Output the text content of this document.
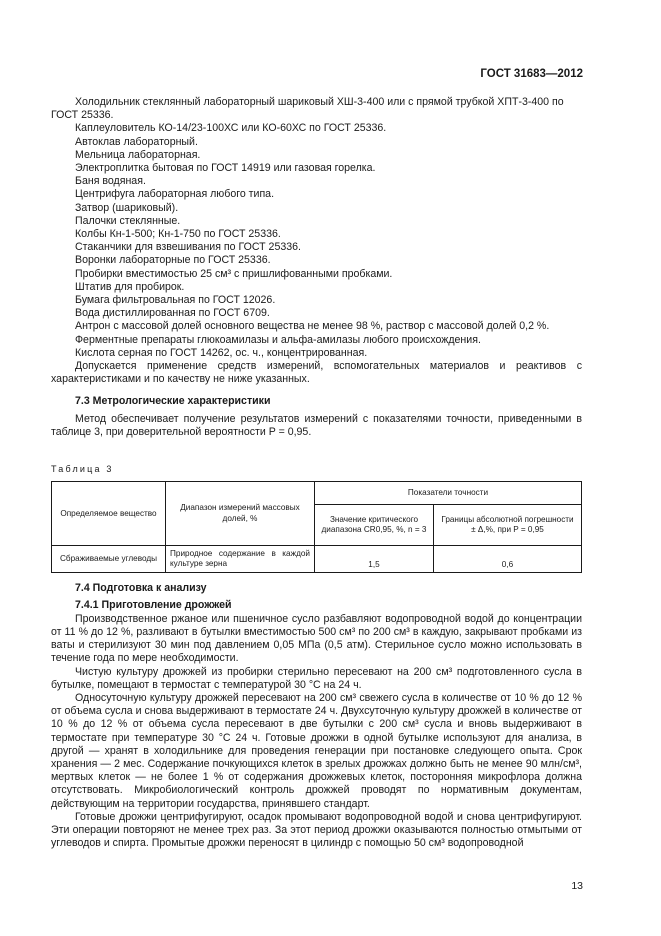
ГОСТ 31683—2012

Холодильник стеклянный лабораторный шариковый ХШ-3-400 или с прямой трубкой ХПТ-3-400 по ГОСТ 25336.

Каплеуловитель КО-14/23-100ХС или КО-60ХС по ГОСТ 25336.

Автоклав лабораторный.

Мельница лабораторная.

Электроплитка бытовая по ГОСТ 14919 или газовая горелка.

Баня водяная.

Центрифуга лабораторная любого типа.

Затвор (шариковый).

Палочки стеклянные.

Колбы Кн-1-500; Кн-1-750 по ГОСТ 25336.

Стаканчики для взвешивания по ГОСТ 25336.

Воронки лабораторные по ГОСТ 25336.

Пробирки вместимостью 25 см³ с пришлифованными пробками.

Штатив для пробирок.

Бумага фильтровальная по ГОСТ 12026.

Вода дистиллированная по ГОСТ 6709.

Антрон с массовой долей основного вещества не менее 98 %, раствор с массовой долей 0,2 %.

Ферментные препараты глюкоамилазы и альфа-амилазы любого происхождения.

Кислота серная по ГОСТ 14262, ос. ч., концентрированная.

Допускается применение средств измерений, вспомогательных материалов и реактивов с характеристиками и по качеству не ниже указанных.

7.3 Метрологические характеристики

Метод обеспечивает получение результатов измерений с показателями точности, приведенными в таблице 3, при доверительной вероятности P = 0,95.

Таблица 3

Определяемое вещество	Диапазон измерений массовых долей, %	Показатели точности	
		Значение критического диапазона CR0,95, %, n = 3	Границы абсолютной погрешности ± Δ,%, при P = 0,95
Сбраживаемые углеводы	Природное содержание в каждой культуре зерна	1,5	0,6

7.4 Подготовка к анализу

7.4.1 Приготовление дрожжей

Производственное ржаное или пшеничное сусло разбавляют водопроводной водой до концентрации от 11 % до 12 %, разливают в бутылки вместимостью 500 см³ по 200 см³ в каждую, закрывают пробками из ваты и стерилизуют 30 мин под давлением 0,05 МПа (0,5 атм). Стерильное сусло можно использовать в течение года по мере необходимости.

Чистую культуру дрожжей из пробирки стерильно пересевают на 200 см³ подготовленного сусла в бутылке, помещают в термостат с температурой 30 °С на 24 ч.

Односуточную культуру дрожжей пересевают на 200 см³ свежего сусла в количестве от 10 % до 12 % от объема сусла и снова выдерживают в термостате 24 ч. Двухсуточную культуру дрожжей в количестве от 10 % до 12 % от объема сусла пересевают в две бутылки с 200 см³ сусла и вновь выдерживают в термостате при температуре 30 °С 24 ч. Готовые дрожжи в одной бутылке используют для анализа, в другой — хранят в холодильнике для проведения генерации при постановке следующего опыта. Срок хранения — 2 мес. Содержание почкующихся клеток в зрелых дрожжах должно быть не менее 90 млн/см³, мертвых клеток — не более 1 % от содержания дрожжевых клеток, посторонняя микрофлора должна отсутствовать. Микробиологический контроль дрожжей проводят по нормативным документам, действующим на территории государства, принявшего стандарт.

Готовые дрожжи центрифугируют, осадок промывают водопроводной водой и снова центрифугируют. Эти операции повторяют не менее трех раз. За этот период дрожжи оказываются полностью отмытыми от углеводов и спирта. Промытые дрожжи переносят в цилиндр с помощью 50 см³ водопроводной

13
